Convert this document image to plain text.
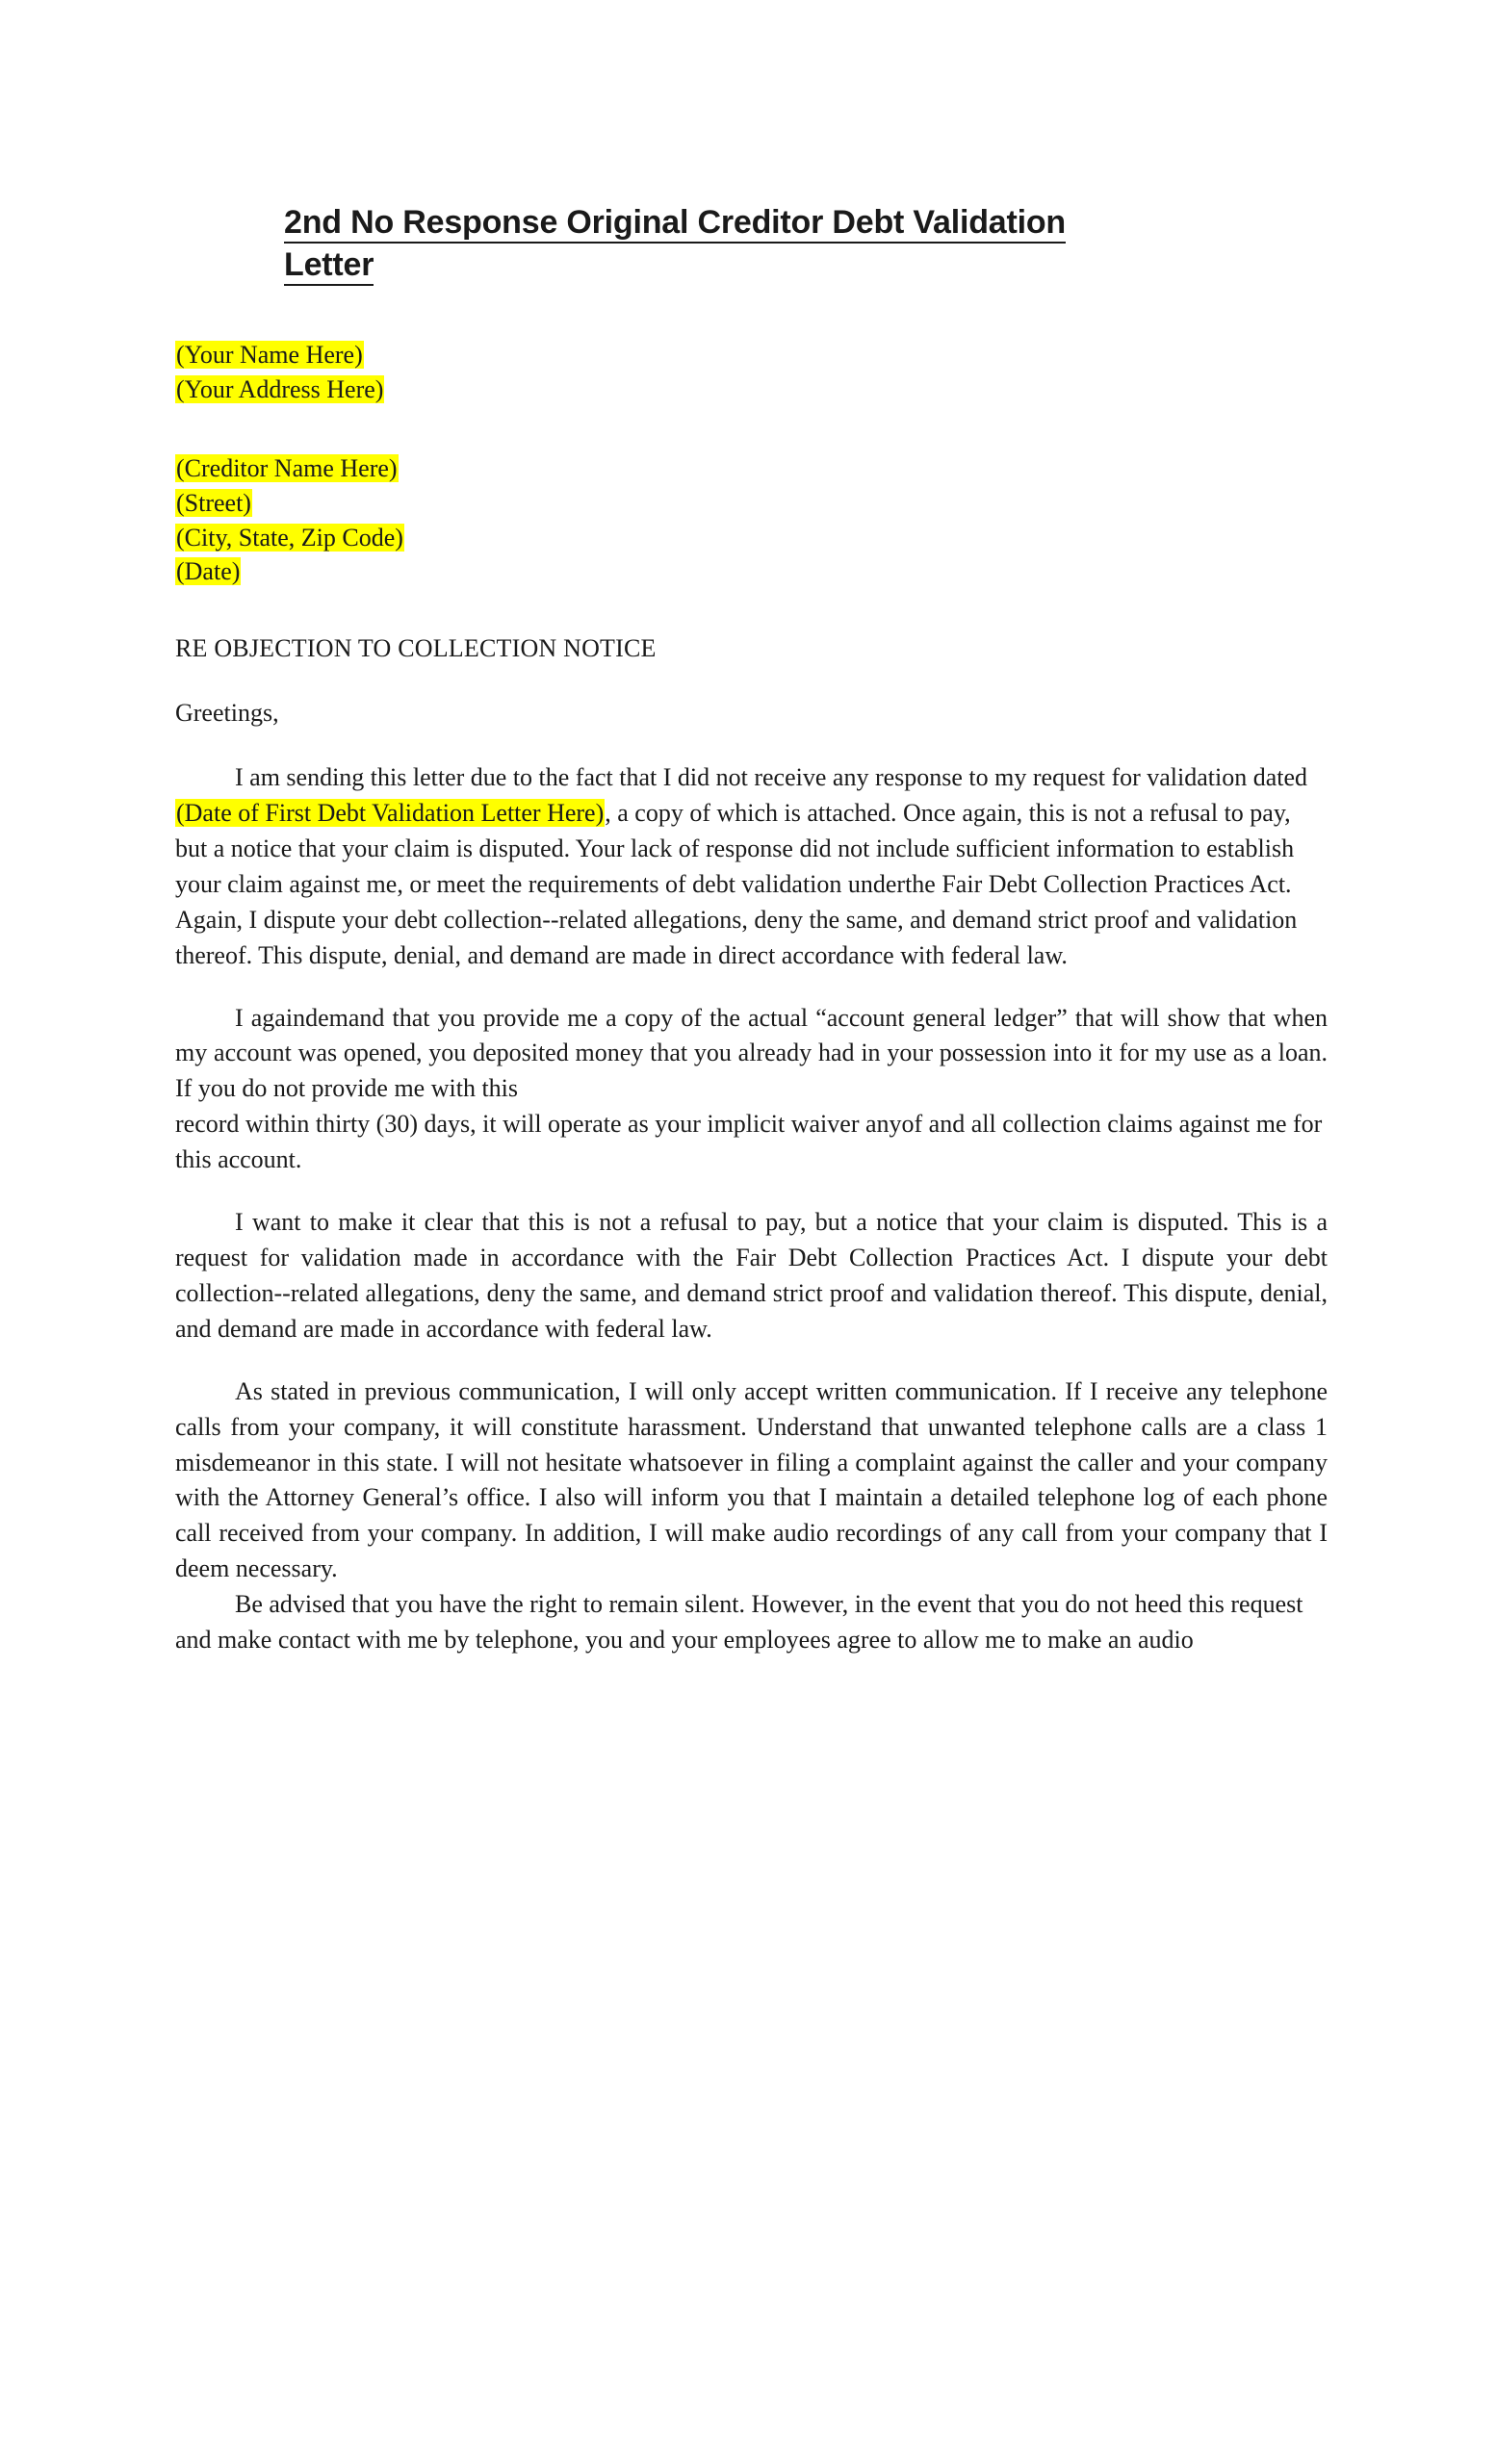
2nd No Response Original Creditor Debt Validation
Letter
(Your Name Here)
(Your Address Here)
(Creditor Name Here)
(Street)
(City, State, Zip Code)
(Date)
RE OBJECTION TO COLLECTION NOTICE
Greetings,

I am sending this letter due to the fact that I did not receive any response to my request for validation dated (Date of First Debt Validation Letter Here), a copy of which is attached. Once again, this is not a refusal to pay, but a notice that your claim is disputed. Your lack of response did not include sufficient information to establish your claim against me, or meet the requirements of debt validation underthe Fair Debt Collection Practices Act. Again, I dispute your debt collection--related allegations, deny the same, and demand strict proof and validation thereof. This dispute, denial, and demand are made in direct accordance with federal law.

I againdemand that you provide me a copy of the actual “account general ledger” that will show that when my account was opened, you deposited money that you already had in your possession into it for my use as a loan. If you do not provide me with this

record within thirty (30) days, it will operate as your implicit waiver anyof and all collection claims against me for this account.

I want to make it clear that this is not a refusal to pay, but a notice that your claim is disputed. This is a request for validation made in accordance with the Fair Debt Collection Practices Act. I dispute your debt collection--related allegations, deny the same, and demand strict proof and validation thereof. This dispute, denial, and demand are made in accordance with federal law.

As stated in previous communication, I will only accept written communication. If I receive any telephone calls from your company, it will constitute harassment. Understand that unwanted telephone calls are a class 1 misdemeanor in this state. I will not hesitate whatsoever in filing a complaint against the caller and your company with the Attorney General’s office. I also will inform you that I maintain a detailed telephone log of each phone call received from your company. In addition, I will make audio recordings of any call from your company that I deem necessary.

Be advised that you have the right to remain silent. However, in the event that you do not heed this request and make contact with me by telephone, you and your employees agree to allow me to make an audio
